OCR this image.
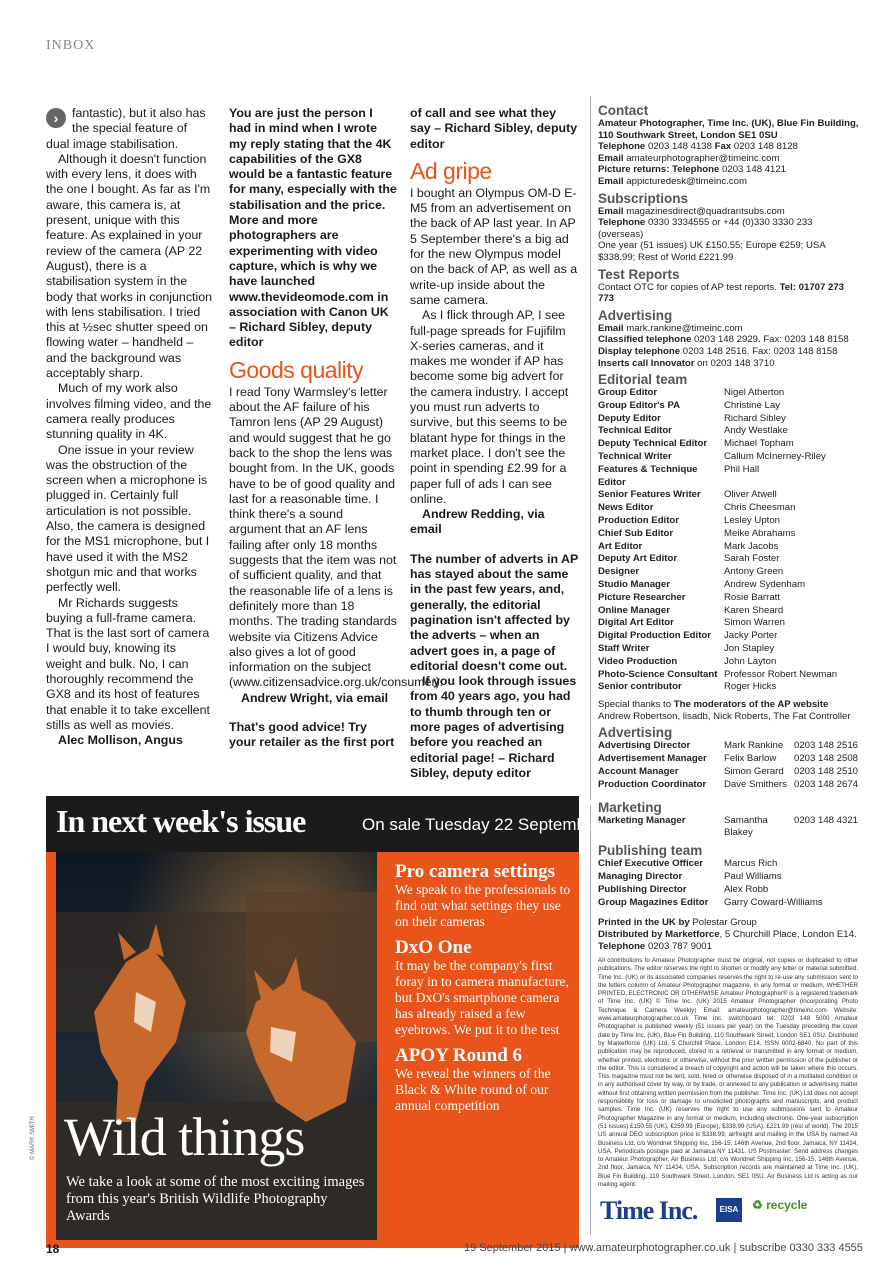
INBOX

›	fantastic), but it also has the special feature of dual image stabilisation.

Although it doesn't function with every lens, it does with the one I bought. As far as I'm aware, this camera is, at present, unique with this feature. As explained in your review of the camera (AP 22 August), there is a stabilisation system in the body that works in conjunction with lens stabilisation. I tried this at ½sec shutter speed on flowing water – handheld – and the background was acceptably sharp.

Much of my work also involves filming video, and the camera really produces stunning quality in 4K.

One issue in your review was the obstruction of the screen when a microphone is plugged in. Certainly full articulation is not possible. Also, the camera is designed for the MS1 microphone, but I have used it with the MS2 shotgun mic and that works perfectly well.

Mr Richards suggests buying a full-frame camera. That is the last sort of camera I would buy, knowing its weight and bulk. No, I can thoroughly recommend the GX8 and its host of features that enable it to take excellent stills as well as movies.

Alec Mollison, Angus

You are just the person I had in mind when I wrote my reply stating that the 4K capabilities of the GX8 would be a fantastic feature for many, especially with the stabilisation and the price. More and more photographers are experimenting with video capture, which is why we have launched www.thevideomode.com in association with Canon UK – Richard Sibley, deputy editor

Goods quality

I read Tony Warmsley's letter about the AF failure of his Tamron lens (AP 29 August) and would suggest that he go back to the shop the lens was bought from. In the UK, goods have to be of good quality and last for a reasonable time. I think there's a sound argument that an AF lens failing after only 18 months suggests that the item was not of sufficient quality, and that the reasonable life of a lens is definitely more than 18 months. The trading standards website via Citizens Advice also gives a lot of good information on the subject (www.citizensadvice.org.uk/consumer).

Andrew Wright, via email

That's good advice! Try your retailer as the first port

of call and see what they say – Richard Sibley, deputy editor

Ad gripe

I bought an Olympus OM-D E-M5 from an advertisement on the back of AP last year. In AP 5 September there's a big ad for the new Olympus model on the back of AP, as well as a write-up inside about the same camera.

As I flick through AP, I see full-page spreads for Fujifilm X-series cameras, and it makes me wonder if AP has become some big advert for the camera industry. I accept you must run adverts to survive, but this seems to be blatant hype for things in the market place. I don't see the point in spending £2.99 for a paper full of ads I can see online.

Andrew Redding, via email

The number of adverts in AP has stayed about the same in the past few years, and, generally, the editorial pagination isn't affected by the adverts – when an advert goes in, a page of editorial doesn't come out.

If you look through issues from 40 years ago, you had to thumb through ten or more pages of advertising before you reached an editorial page! – Richard Sibley, deputy editor

Contact

Amateur Photographer, Time Inc. (UK), Blue Fin Building, 110 Southwark Street, London SE1 0SU

Telephone 0203 148 4138 Fax 0203 148 8128

Email amateurphotographer@timeinc.com

Picture returns: Telephone 0203 148 4121

Email appicturedesk@timeinc.com

Subscriptions

Email magazinesdirect@quadrantsubs.com

Telephone 0330 3334555 or +44 (0)330 3330 233 (overseas)

One year (51 issues) UK £150.55; Europe €259; USA $338.99; Rest of World £221.99

Test Reports

Contact OTC for copies of AP test reports. Tel: 01707 273 773

Advertising

Email mark.rankine@timeinc.com

Classified telephone 0203 148 2929. Fax: 0203 148 8158

Display telephone 0203 148 2516. Fax: 0203 148 8158

Inserts call Innovator on 0203 148 3710

Editorial team
Group Editor	Nigel Atherton
Group Editor's PA	Christine Lay
Deputy Editor	Richard Sibley
Technical Editor	Andy Westlake
Deputy Technical Editor	Michael Topham
Technical Writer	Callum McInerney-Riley
Features & Technique Editor	Phil Hall
Senior Features Writer	Oliver Atwell
News Editor	Chris Cheesman
Production Editor	Lesley Upton
Chief Sub Editor	Meike Abrahams
Art Editor	Mark Jacobs
Deputy Art Editor	Sarah Foster
Designer	Antony Green
Studio Manager	Andrew Sydenham
Picture Researcher	Rosie Barratt
Online Manager	Karen Sheard
Digital Art Editor	Simon Warren
Digital Production Editor	Jacky Porter
Staff Writer	Jon Stapley
Video Production	John Layton
Photo-Science Consultant	Professor Robert Newman
Senior contributor	Roger Hicks

Special thanks to The moderators of the AP website Andrew Robertson, lisadb, Nick Roberts, The Fat Controller

Advertising
Advertising Director	Mark Rankine	0203 148 2516
Advertisement Manager	Felix Barlow	0203 148 2508
Account Manager	Simon Gerard	0203 148 2510
Production Coordinator	Dave Smithers	0203 148 2674
Marketing
Marketing Manager	Samantha Blakey	0203 148 4321
Publishing team
Chief Executive Officer	Marcus Rich
Managing Director	Paul Williams
Publishing Director	Alex Robb
Group Magazines Editor	Garry Coward-Williams

Printed in the UK by Polestar Group

Distributed by Marketforce, 5 Churchill Place, London E14.

Telephone 0203 787 9001

All contributions to Amateur Photographer must be original, not copies or duplicated to other publications. The editor reserves the right to shorten or modify any letter or material submitted. Time Inc. (UK) or its associated companies reserves the right to re-use any submission sent to the letters column of Amateur Photographer magazine, in any format or medium, WHETHER PRINTED, ELECTRONIC OR OTHERWISE Amateur Photographer® is a registered trademark of Time Inc. (UK) © Time Inc. (UK) 2015 Amateur Photographer (incorporating Photo Technique & Camera Weekly) Email: amateurphotographer@timeinc.com Website: www.amateurphotographer.co.uk Time Inc. switchboard tel: 0203 148 5000 Amateur Photographer is published weekly (51 issues per year) on the Tuesday preceding the cover date by Time Inc. (UK), Blue Fin Building, 110 Southwark Street, London SE1 0SU. Distributed by Marketforce (UK) Ltd, 5 Churchill Place, London E14. ISSN 0002-6840. No part of this publication may be reproduced, stored in a retrieval or transmitted in any format or medium, whether printed, electronic or otherwise, without the prior written permission of the publisher or the editor. This is considered a breach of copyright and action will be taken where this occurs. This magazine must not be lent, sold, hired or otherwise disposed of in a mutilated condition or in any authorised cover by way, or by trade, or annexed to any publication or advertising matter without first obtaining written permission from the publisher. Time Inc. (UK) Ltd does not accept responsibility for loss or damage to unsolicited photographs and manuscripts, and product samples. Time Inc. (UK) reserves the right to use any submissions sent to Amateur Photographer Magazine in any format or medium, including electronic. One-year subscription (51 issues) £150.55 (UK), €259.99 (Europe), $338.99 (USA), £221.99 (rest of world). The 2015 US annual DEO subscription price is $338.99, airfreight and mailing in the USA by named Air Business Ltd, c/o Worldnet Shipping Inc, 156-15, 146th Avenue, 2nd floor, Jamaica, NY 11434, USA. Periodicals postage paid at Jamaica NY 11431. US Postmaster: Send address changes to Amateur Photographer, Air Business Ltd, c/o Worldnet Shipping Inc, 156-15, 146th Avenue, 2nd floor, Jamaica, NY 11434, USA. Subscription records are maintained at Time Inc. (UK), Blue Fin Building, 110 Southwark Street, London, SE1 0SU. Air Business Ltd is acting as our mailing agent.
Time Inc.	EISA	♻ recycle
In next week's issue	On sale Tuesday 22 September
Wild things
We take a look at some of the most exciting images from this year's British Wildlife Photography Awards
© MARK SMITH

Pro camera settings

We speak to the professionals to find out what settings they use on their cameras

DxO One

It may be the company's first foray in to camera manufacture, but DxO's smartphone camera has already raised a few eyebrows. We put it to the test

APOY Round 6

We reveal the winners of the Black & White round of our annual competition

18	19 September 2015 | www.amateurphotographer.co.uk | subscribe 0330 333 4555
